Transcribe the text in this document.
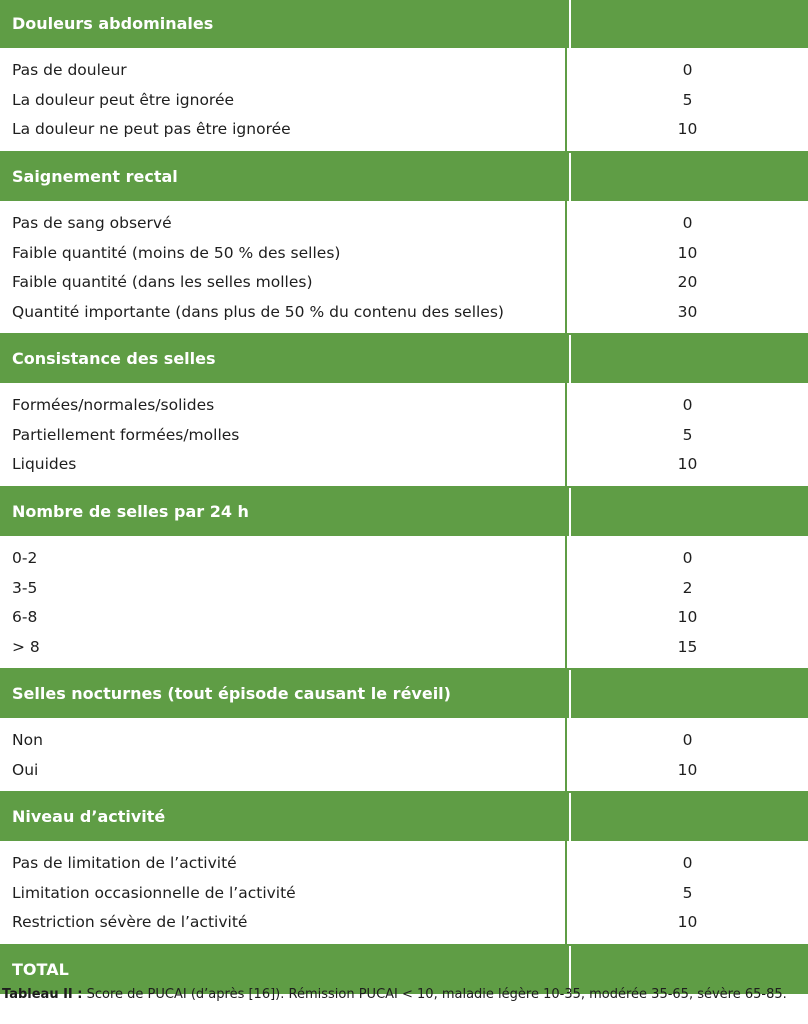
Douleurs abdominales
Pas de douleur	0
La douleur peut être ignorée	5
La douleur ne peut pas être ignorée	10
Saignement rectal
Pas de sang observé	0
Faible quantité (moins de 50 % des selles)	10
Faible quantité (dans les selles molles)	20
Quantité importante (dans plus de 50 % du contenu des selles)	30
Consistance des selles
Formées/normales/solides	0
Partiellement formées/molles	5
Liquides	10
Nombre de selles par 24 h
0-2	0
3-5	2
6-8	10
> 8	15
Selles nocturnes (tout épisode causant le réveil)
Non	0
Oui	10
Niveau d’activité
Pas de limitation de l’activité	0
Limitation occasionnelle de l’activité	5
Restriction sévère de l’activité	10
TOTAL
Tableau II : Score de PUCAI (d’après [16]). Rémission PUCAI < 10, maladie légère 10-35, modérée 35-65, sévère 65-85.
